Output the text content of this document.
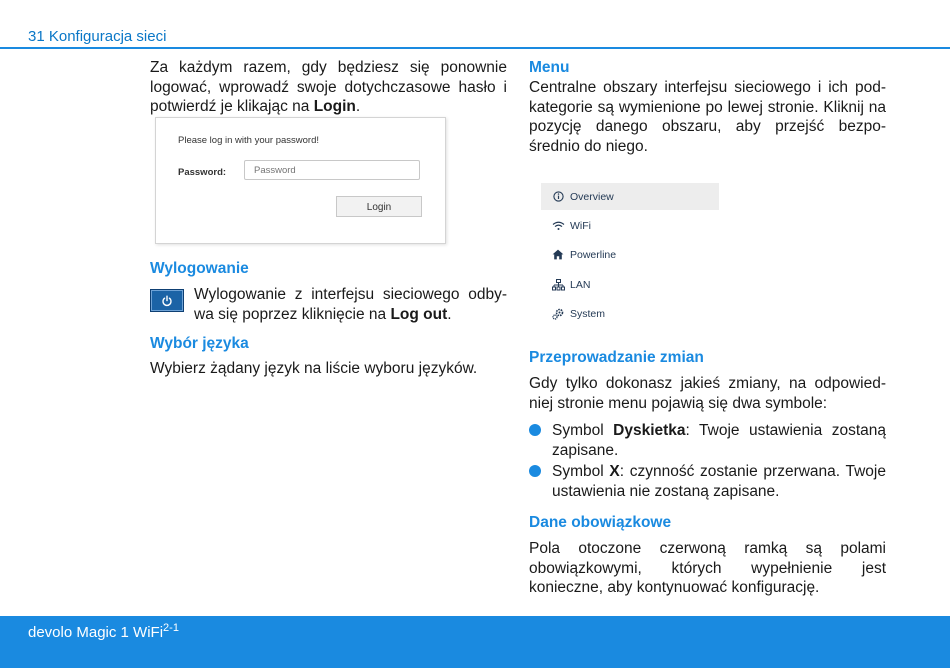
31 Konfiguracja sieci

Za każdym razem, gdy będziesz się ponownie logować, wprowadź swoje dotychczasowe hasło i potwierdź je klikając na Login.

Please log in with your password!
Password:
Login
Wylogowanie

Wylogowanie z interfejsu sieciowego odby-wa się poprzez kliknięcie na Log out.

Wybór języka

Wybierz żądany język na liście wyboru języków.

Menu

Centralne obszary interfejsu sieciowego i ich pod-kategorie są wymienione po lewej stronie. Kliknij na pozycję danego obszaru, aby przejść bezpo-średnio do niego.

Overview
WiFi
Powerline
LAN
System
Przeprowadzanie zmian

Gdy tylko dokonasz jakieś zmiany, na odpowied-niej stronie menu pojawią się dwa symbole:

Symbol Dyskietka: Twoje ustawienia zostaną zapisane.
Symbol X: czynność zostanie przerwana. Twoje ustawienia nie zostaną zapisane.
Dane obowiązkowe

Pola otoczone czerwoną ramką są polami obowiązkowymi, których wypełnienie jest konieczne, aby kontynuować konfigurację.

devolo Magic 1 WiFi$^{2-1}$
